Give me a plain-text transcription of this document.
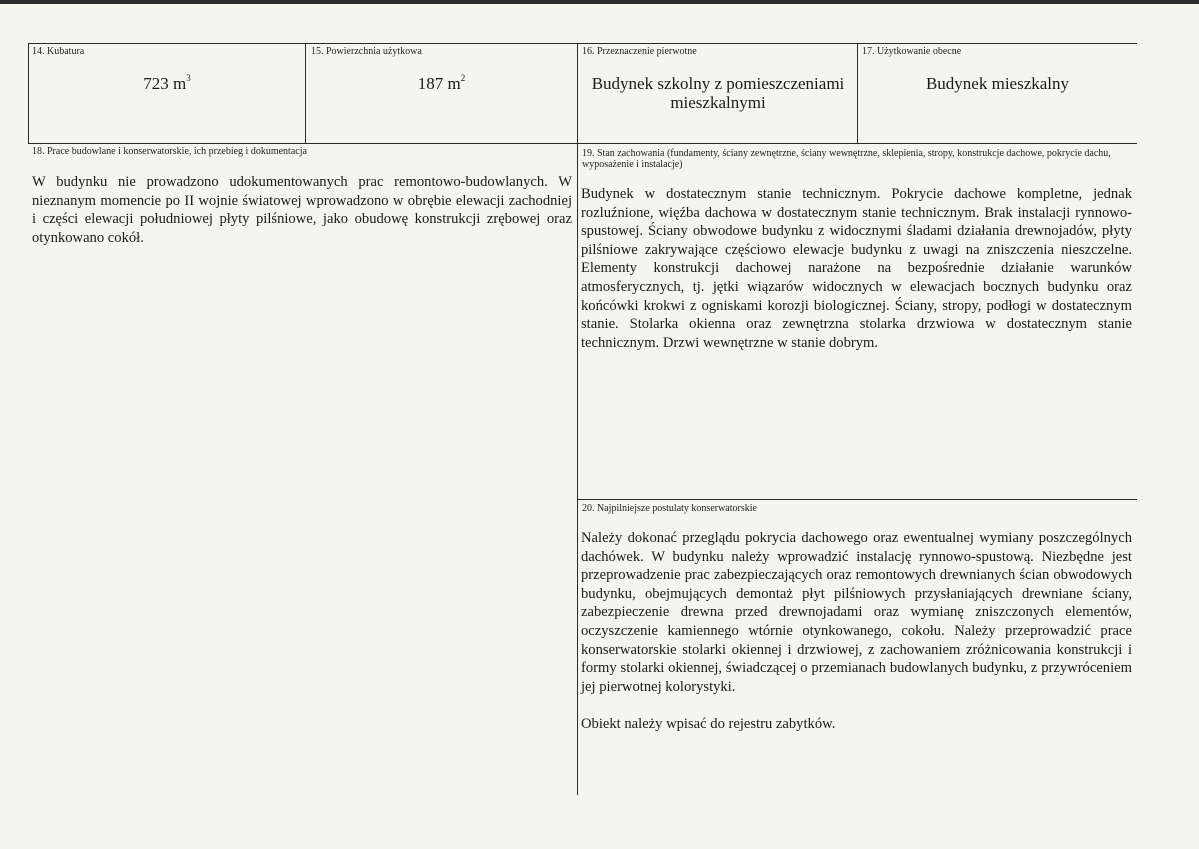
14. Kubatura
723 $m^3$
15. Powierzchnia użytkowa
187 $m^2$
16. Przeznaczenie pierwotne
Budynek szkolny z pomieszczeniami mieszkalnymi
17. Użytkowanie obecne
Budynek mieszkalny
18. Prace budowlane i konserwatorskie, ich przebieg i dokumentacja

W budynku nie prowadzono udokumentowanych prac remontowo-budowlanych. W nieznanym momencie po II wojnie światowej wprowadzono w obrębie elewacji zachodniej i części elewacji południowej płyty pilśniowe, jako obudowę konstrukcji zrębowej oraz otynkowano cokół.

19. Stan zachowania (fundamenty, ściany zewnętrzne, ściany wewnętrzne, sklepienia, stropy, konstrukcje dachowe, pokrycie dachu, wyposażenie i instalacje)

Budynek w dostatecznym stanie technicznym. Pokrycie dachowe kompletne, jednak rozluźnione, więźba dachowa w dostatecznym stanie technicznym. Brak instalacji rynnowo-spustowej. Ściany obwodowe budynku z widocznymi śladami działania drewnojadów, płyty pilśniowe zakrywające częściowo elewacje budynku z uwagi na zniszczenia nieszczelne. Elementy konstrukcji dachowej narażone na bezpośrednie działanie warunków atmosferycznych, tj. jętki wiązarów widocznych w elewacjach bocznych budynku oraz końcówki krokwi z ogniskami korozji biologicznej. Ściany, stropy, podłogi w dostatecznym stanie. Stolarka okienna oraz zewnętrzna stolarka drzwiowa w dostatecznym stanie technicznym. Drzwi wewnętrzne w stanie dobrym.

20. Najpilniejsze postulaty konserwatorskie

Należy dokonać przeglądu pokrycia dachowego oraz ewentualnej wymiany poszczególnych dachówek. W budynku należy wprowadzić instalację rynnowo-spustową. Niezbędne jest przeprowadzenie prac zabezpieczających oraz remontowych drewnianych ścian obwodowych budynku, obejmujących demontaż płyt pilśniowych przysłaniających drewniane ściany, zabezpieczenie drewna przed drewnojadami oraz wymianę zniszczonych elementów, oczyszczenie kamiennego wtórnie otynkowanego, cokołu. Należy przeprowadzić prace konserwatorskie stolarki okiennej i drzwiowej, z zachowaniem zróżnicowania konstrukcji i formy stolarki okiennej, świadczącej o przemianach budowlanych budynku, z przywróceniem jej pierwotnej kolorystyki.

Obiekt należy wpisać do rejestru zabytków.
